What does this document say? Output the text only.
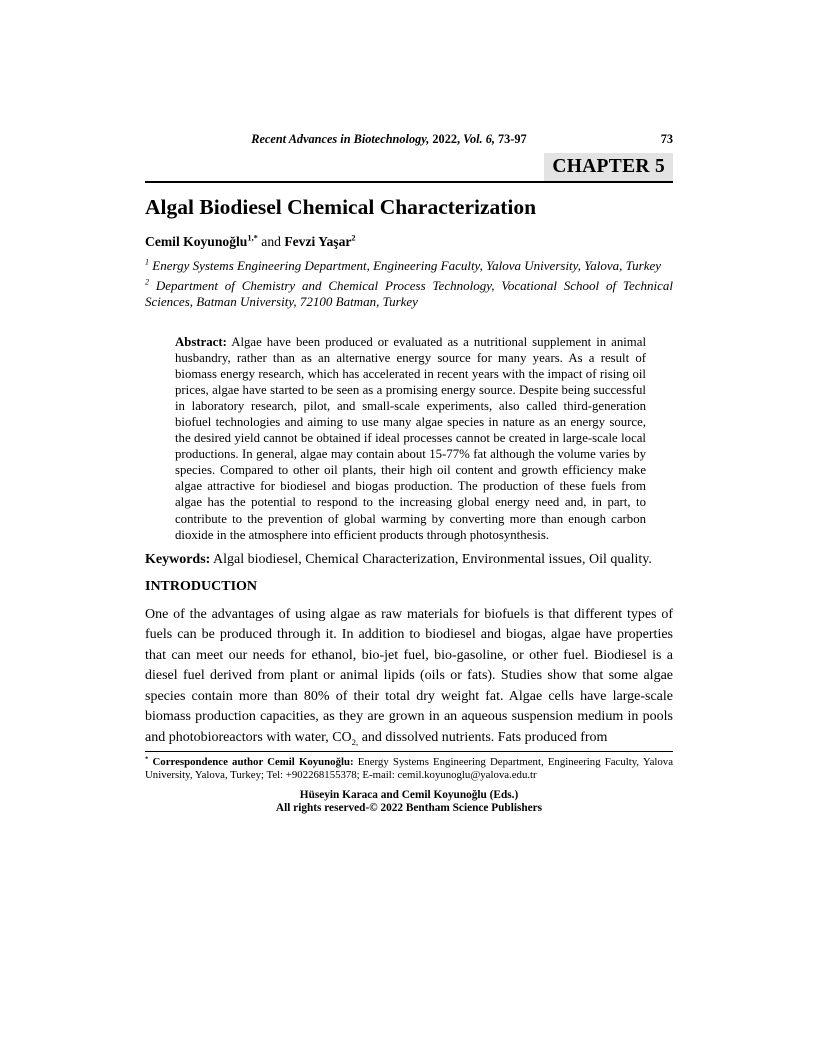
Recent Advances in Biotechnology, 2022, Vol. 6, 73-97	73
CHAPTER 5
Algal Biodiesel Chemical Characterization
Cemil Koyunoğlu$^{1,*}$ and Fevzi Yaşar$^2$

$^1$ Energy Systems Engineering Department, Engineering Faculty, Yalova University, Yalova, Turkey

$^2$ Department of Chemistry and Chemical Process Technology, Vocational School of Technical Sciences, Batman University, 72100 Batman, Turkey

Abstract: Algae have been produced or evaluated as a nutritional supplement in animal husbandry, rather than as an alternative energy source for many years. As a result of biomass energy research, which has accelerated in recent years with the impact of rising oil prices, algae have started to be seen as a promising energy source. Despite being successful in laboratory research, pilot, and small-scale experiments, also called third-generation biofuel technologies and aiming to use many algae species in nature as an energy source, the desired yield cannot be obtained if ideal processes cannot be created in large-scale local productions. In general, algae may contain about 15-77% fat although the volume varies by species. Compared to other oil plants, their high oil content and growth efficiency make algae attractive for biodiesel and biogas production. The production of these fuels from algae has the potential to respond to the increasing global energy need and, in part, to contribute to the prevention of global warming by converting more than enough carbon dioxide in the atmosphere into efficient products through photosynthesis.

Keywords: Algal biodiesel, Chemical Characterization, Environmental issues, Oil quality.

INTRODUCTION

One of the advantages of using algae as raw materials for biofuels is that different types of fuels can be produced through it. In addition to biodiesel and biogas, algae have properties that can meet our needs for ethanol, bio-jet fuel, bio-gasoline, or other fuel. Biodiesel is a diesel fuel derived from plant or animal lipids (oils or fats). Studies show that some algae species contain more than 80% of their total dry weight fat. Algae cells have large-scale biomass production capacities, as they are grown in an aqueous suspension medium in pools and photobioreactors with water, $CO_{2,}$ and dissolved nutrients. Fats produced from

* Correspondence author Cemil Koyunoğlu: Energy Systems Engineering Department, Engineering Faculty, Yalova University, Yalova, Turkey; Tel: +902268155378; E-mail: cemil.koyunoglu@yalova.edu.tr

Hüseyin Karaca and Cemil Koyunoğlu (Eds.)
All rights reserved-© 2022 Bentham Science Publishers
